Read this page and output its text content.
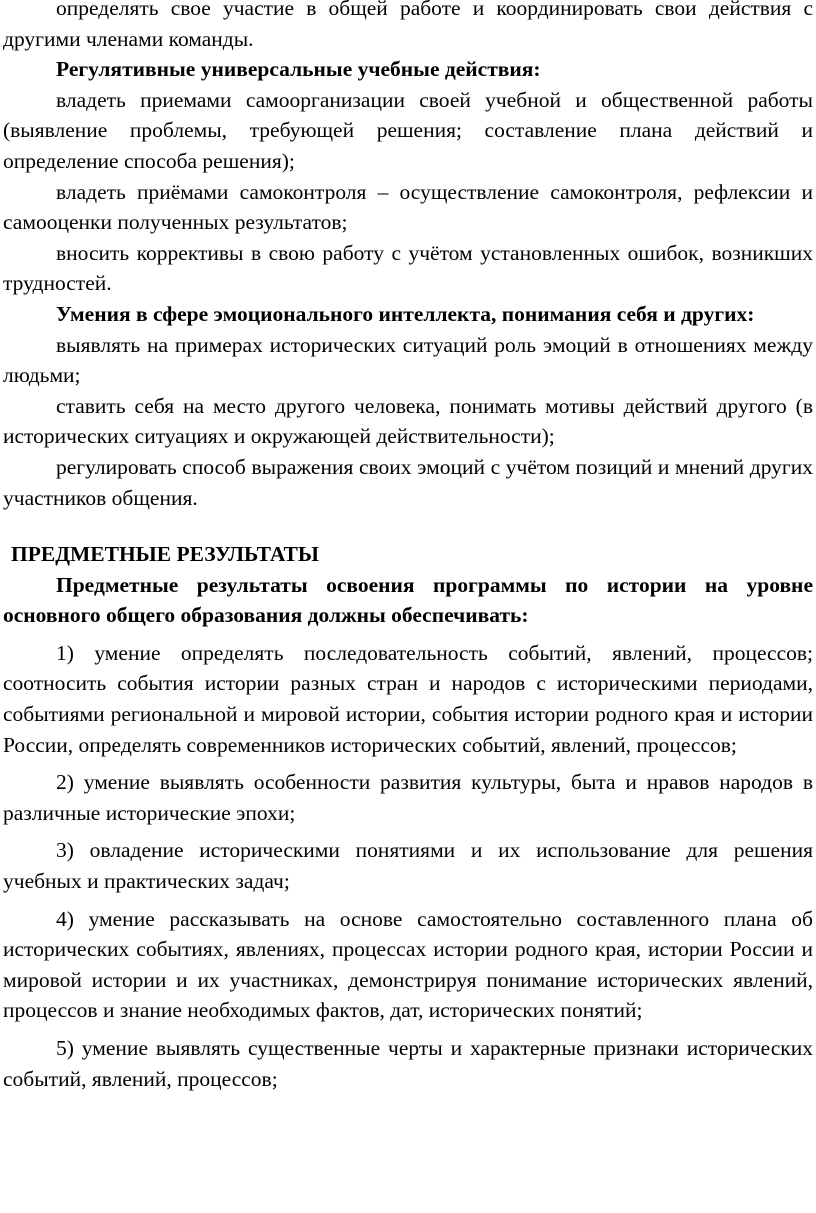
определять свое участие в общей работе и координировать свои действия с другими членами команды.

Регулятивные универсальные учебные действия:

владеть приемами самоорганизации своей учебной и общественной работы (выявление проблемы, требующей решения; составление плана действий и определение способа решения);

владеть приёмами самоконтроля – осуществление самоконтроля, рефлексии и самооценки полученных результатов;

вносить коррективы в свою работу с учётом установленных ошибок, возникших трудностей.

Умения в сфере эмоционального интеллекта, понимания себя и других:

выявлять на примерах исторических ситуаций роль эмоций в отношениях между людьми;

ставить себя на место другого человека, понимать мотивы действий другого (в исторических ситуациях и окружающей действительности);

регулировать способ выражения своих эмоций с учётом позиций и мнений других участников общения.

ПРЕДМЕТНЫЕ РЕЗУЛЬТАТЫ

Предметные результаты освоения программы по истории на уровне основного общего образования должны обеспечивать:

1) умение определять последовательность событий, явлений, процессов; соотносить события истории разных стран и народов с историческими периодами, событиями региональной и мировой истории, события истории родного края и истории России, определять современников исторических событий, явлений, процессов;

2) умение выявлять особенности развития культуры, быта и нравов народов в различные исторические эпохи;

3) овладение историческими понятиями и их использование для решения учебных и практических задач;

4) умение рассказывать на основе самостоятельно составленного плана об исторических событиях, явлениях, процессах истории родного края, истории России и мировой истории и их участниках, демонстрируя понимание исторических явлений, процессов и знание необходимых фактов, дат, исторических понятий;

5) умение выявлять существенные черты и характерные признаки исторических событий, явлений, процессов;
